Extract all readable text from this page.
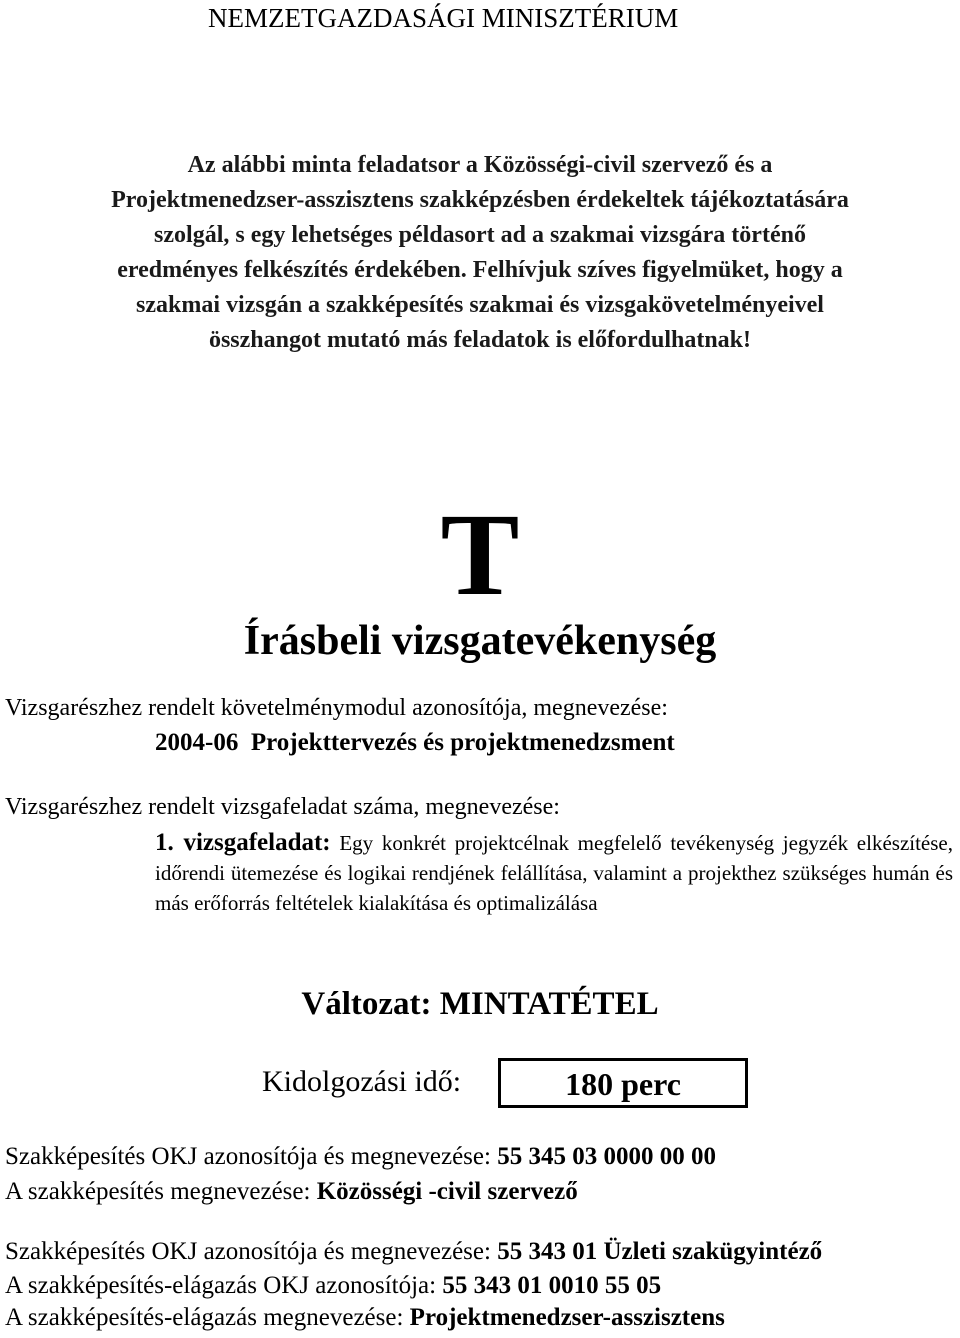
NEMZETGAZDASÁGI MINISZTÉRIUM
Az alábbi minta feladatsor a Közösségi-civil szervező és a
Projektmenedzser-asszisztens szakképzésben érdekeltek tájékoztatására
szolgál, s egy lehetséges példasort ad a szakmai vizsgára történő
eredményes felkészítés érdekében. Felhívjuk szíves figyelmüket, hogy a
szakmai vizsgán a szakképesítés szakmai és vizsgakövetelményeivel
összhangot mutató más feladatok is előfordulhatnak!
T
Írásbeli vizsgatevékenység
Vizsgarészhez rendelt követelménymodul azonosítója, megnevezése:
2004-06  Projekttervezés és projektmenedzsment
Vizsgarészhez rendelt vizsgafeladat száma, megnevezése:
1. vizsgafeladat: Egy konkrét projektcélnak megfelelő tevékenység jegyzék elkészítése, időrendi ütemezése és logikai rendjének felállítása, valamint a projekthez szükséges humán és más erőforrás feltételek kialakítása és optimalizálása
Változat: MINTATÉTEL
Kidolgozási idő:	180 perc
Szakképesítés OKJ azonosítója és megnevezése: 55 345 03 0000 00 00
A szakképesítés megnevezése: Közösségi -civil szervező
Szakképesítés OKJ azonosítója és megnevezése: 55 343 01 Üzleti szakügyintéző
A szakképesítés-elágazás OKJ azonosítója: 55 343 01 0010 55 05
A szakképesítés-elágazás megnevezése: Projektmenedzser-asszisztens
